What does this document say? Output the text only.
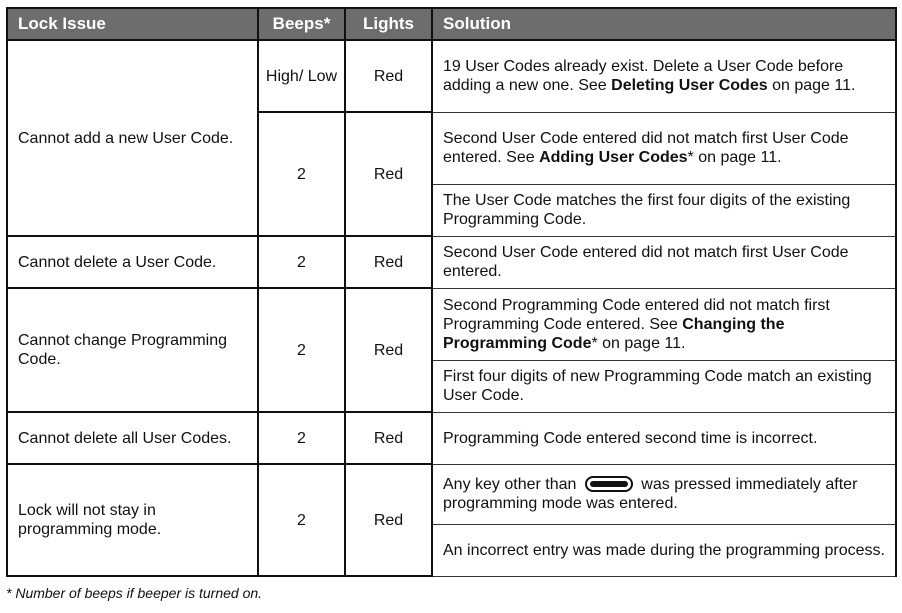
Lock Issue	Beeps*	Lights	Solution
Cannot add a new User Code.	High/ Low	Red	19 User Codes already exist. Delete a User Code before adding a new one. See Deleting User Codes on page 11.
	2	Red	Second User Code entered did not match first User Code entered. See Adding User Codes* on page 11.
			The User Code matches the first four digits of the existing Programming Code.
Cannot delete a User Code.	2	Red	Second User Code entered did not match first User Code entered.
Cannot change Programming Code.	2	Red	Second Programming Code entered did not match first Programming Code entered. See Changing the Programming Code* on page 11.
			First four digits of new Programming Code match an existing User Code.
Cannot delete all User Codes.	2	Red	Programming Code entered second time is incorrect.
Lock will not stay in programming mode.	2	Red	Any key other than was pressed immediately after programming mode was entered.
			An incorrect entry was made during the programming process.
* Number of beeps if beeper is turned on.
